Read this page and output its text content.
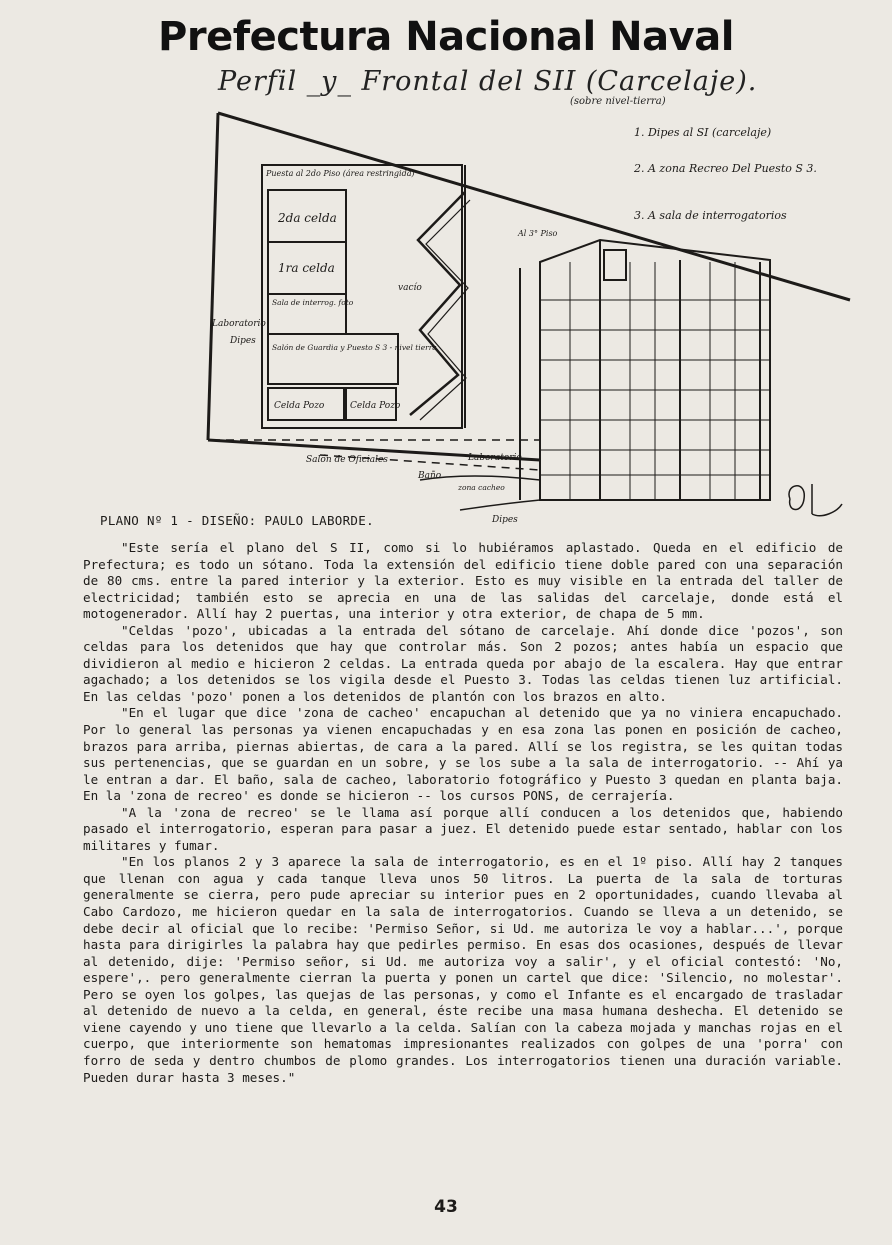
Prefectura Nacional Naval
Perfil _y_ Frontal del SII (Carcelaje).
(sobre nivel-tierra)
1. Dipes al SI (carcelaje)
2. A zona Recreo Del Puesto S 3.
3. A sala de interrogatorios
Puesta al 2do Piso (área restringida)
2da celda
1ra celda
Sala de interrog. foto
Laboratorio
Dipes
Salón de Guardia y Puesto S 3 - nivel tierra
Celda Pozo	Celda Pozo
vacío
Al 3° Piso
Laboratorio
Salón de Oficiales
Baño
zona cacheo
Dipes
PLANO Nº 1 - DISEÑO: PAULO LABORDE.

"Este sería el plano del S II, como si lo hubiéramos aplastado. Queda en el edificio de Prefectura; es todo un sótano. Toda la extensión del edificio tiene doble pared con una separación de 80 cms. entre la pared interior y la exterior. Esto es muy visible en la entrada del taller de electricidad; también esto se aprecia en una de las salidas del carcelaje, donde está el motogenerador. Allí hay 2 puertas, una interior y otra exterior, de chapa de 5 mm.

"Celdas 'pozo', ubicadas a la entrada del sótano de carcelaje. Ahí donde dice 'pozos', son celdas para los detenidos que hay que controlar más. Son 2 pozos; antes había un espacio que dividieron al medio e hicieron 2 celdas. La entrada queda por abajo de la escalera. Hay que entrar agachado; a los detenidos se los vigila desde el Puesto 3. Todas las celdas tienen luz artificial. En las celdas 'pozo' ponen a los detenidos de plantón con los brazos en alto.

"En el lugar que dice 'zona de cacheo' encapuchan al detenido que ya no viniera encapuchado. Por lo general las personas ya vienen encapuchadas y en esa zona las ponen en posición de cacheo, brazos para arriba, piernas abiertas, de cara a la pared. Allí se los registra, se les quitan todas sus pertenencias, que se guardan en un sobre, y se los sube a la sala de interrogatorio. -- Ahí ya le entran a dar. El baño, sala de cacheo, laboratorio fotográfico y Puesto 3 quedan en planta baja. En la 'zona de recreo' es donde se hicieron -- los cursos PONS, de cerrajería.

"A la 'zona de recreo' se le llama así porque allí conducen a los detenidos que, habiendo pasado el interrogatorio, esperan para pasar a juez. El detenido puede estar sentado, hablar con los militares y fumar.

"En los planos 2 y 3 aparece la sala de interrogatorio, es en el 1º piso. Allí hay 2 tanques que llenan con agua y cada tanque lleva unos 50 litros. La puerta de la sala de torturas generalmente se cierra, pero pude apreciar su interior pues en 2 oportunidades, cuando llevaba al Cabo Cardozo, me hicieron quedar en la sala de interrogatorios. Cuando se lleva a un detenido, se debe decir al oficial que lo recibe: 'Permiso Señor, si Ud. me autoriza le voy a hablar...', porque hasta para dirigirles la palabra hay que pedirles permiso. En esas dos ocasiones, después de llevar al detenido, dije: 'Permiso señor, si Ud. me autoriza voy a salir', y el oficial contestó: 'No, espere',. pero generalmente cierran la puerta y ponen un cartel que dice: 'Silencio, no molestar'. Pero se oyen los golpes, las quejas de las personas, y como el Infante es el encargado de trasladar al detenido de nuevo a la celda, en general, éste recibe una masa humana deshecha. El detenido se viene cayendo y uno tiene que llevarlo a la celda. Salían con la cabeza mojada y manchas rojas en el cuerpo, que interiormente son hematomas impresionantes realizados con golpes de una 'porra' con forro de seda y dentro chumbos de plomo grandes. Los interrogatorios tienen una duración variable. Pueden durar hasta 3 meses."

43
